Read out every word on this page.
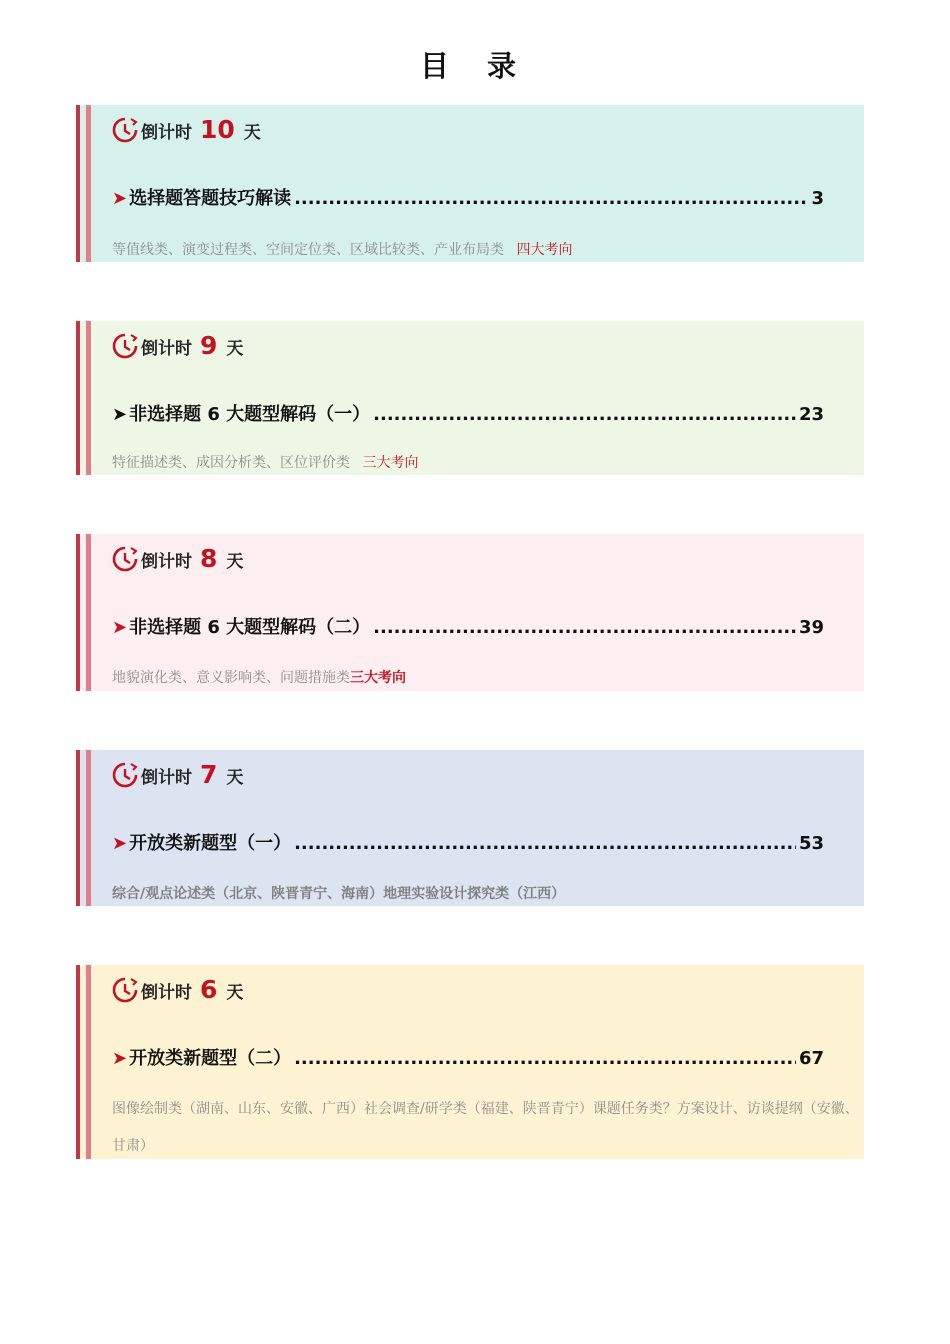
目 录
倒计时 10 天
➤ 选择题答题技巧解读 .....	3
等值线类、演变过程类、空间定位类、区域比较类、产业布局类 四大考向
倒计时 9 天
➤ 非选择题 6 大题型解码（一） .....	23
特征描述类、成因分析类、区位评价类 三大考向
倒计时 8 天
➤ 非选择题 6 大题型解码（二） .....	39
地貌演化类、意义影响类、问题措施类三大考向
倒计时 7 天
➤ 开放类新题型（一） .....	53
综合/观点论述类（北京、陕晋青宁、海南）地理实验设计探究类（江西）
倒计时 6 天
➤ 开放类新题型（二） .....	67
图像绘制类（湖南、山东、安徽、广西）社会调查/研学类（福建、陕晋青宁）课题任务类？方案设计、访谈提纲（安徽、甘肃）
